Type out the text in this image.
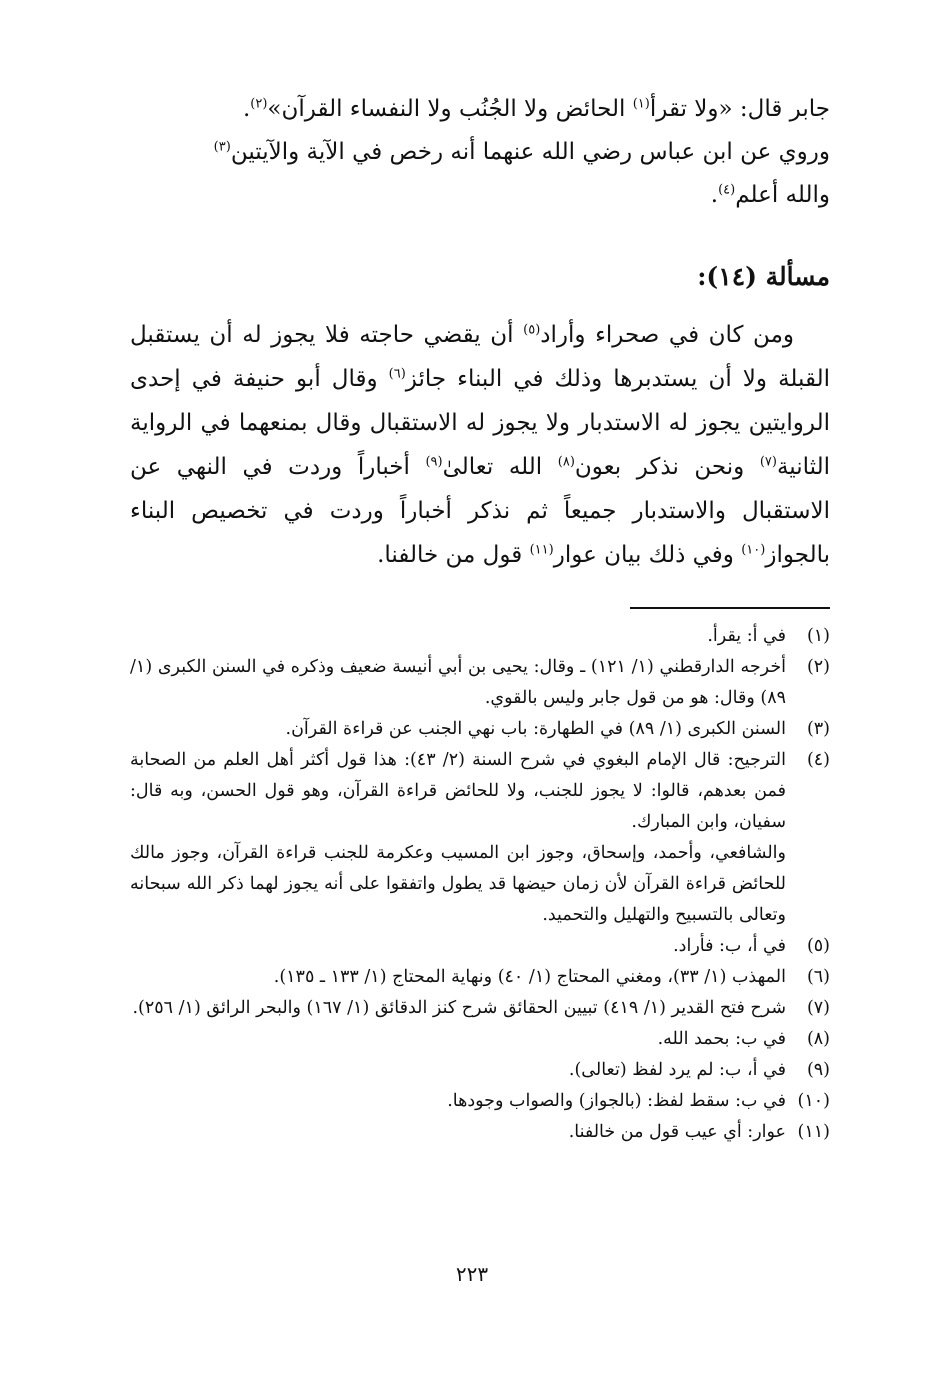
جابر قال: «ولا تقرأ$^{(١)}$ الحائض ولا الجُنُب ولا النفساء القرآن»$^{(٢)}$.

وروي عن ابن عباس رضي الله عنهما أنه رخص في الآية والآيتين$^{(٣)}$

والله أعلم$^{(٤)}$.

مسألة (١٤):

ومن كان في صحراء وأراد$^{(٥)}$ أن يقضي حاجته فلا يجوز له أن يستقبل القبلة ولا أن يستدبرها وذلك في البناء جائز$^{(٦)}$ وقال أبو حنيفة في إحدى الروايتين يجوز له الاستدبار ولا يجوز له الاستقبال وقال بمنعهما في الرواية الثانية$^{(٧)}$ ونحن نذكر بعون$^{(٨)}$ الله تعالىٰ$^{(٩)}$ أخباراً وردت في النهي عن الاستقبال والاستدبار جميعاً ثم نذكر أخباراً وردت في تخصيص البناء بالجواز$^{(١٠)}$ وفي ذلك بيان عوار$^{(١١)}$ قول من خالفنا.

(١)
في أ: يقرأ.
(٢)
أخرجه الدارقطني (١/ ١٢١) ـ وقال: يحيى بن أبي أنيسة ضعيف وذكره في السنن الكبرى (١/ ٨٩) وقال: هو من قول جابر وليس بالقوي.
(٣)
السنن الكبرى (١/ ٨٩) في الطهارة: باب نهي الجنب عن قراءة القرآن.
(٤)
الترجيح: قال الإمام البغوي في شرح السنة (٢/ ٤٣): هذا قول أكثر أهل العلم من الصحابة فمن بعدهم، قالوا: لا يجوز للجنب، ولا للحائض قراءة القرآن، وهو قول الحسن، وبه قال: سفيان، وابن المبارك.
والشافعي، وأحمد، وإسحاق، وجوز ابن المسيب وعكرمة للجنب قراءة القرآن، وجوز مالك للحائض قراءة القرآن لأن زمان حيضها قد يطول واتفقوا على أنه يجوز لهما ذكر الله سبحانه وتعالى بالتسبيح والتهليل والتحميد.
(٥)
في أ، ب: فأراد.
(٦)
المهذب (١/ ٣٣)، ومغني المحتاج (١/ ٤٠) ونهاية المحتاج (١/ ١٣٣ ـ ١٣٥).
(٧)
شرح فتح القدير (١/ ٤١٩) تبيين الحقائق شرح كنز الدقائق (١/ ١٦٧) والبحر الرائق (١/ ٢٥٦).
(٨)
في ب: بحمد الله.
(٩)
في أ، ب: لم يرد لفظ (تعالى).
(١٠)
في ب: سقط لفظ: (بالجواز) والصواب وجودها.
(١١)
عوار: أي عيب قول من خالفنا.
٢٢٣
